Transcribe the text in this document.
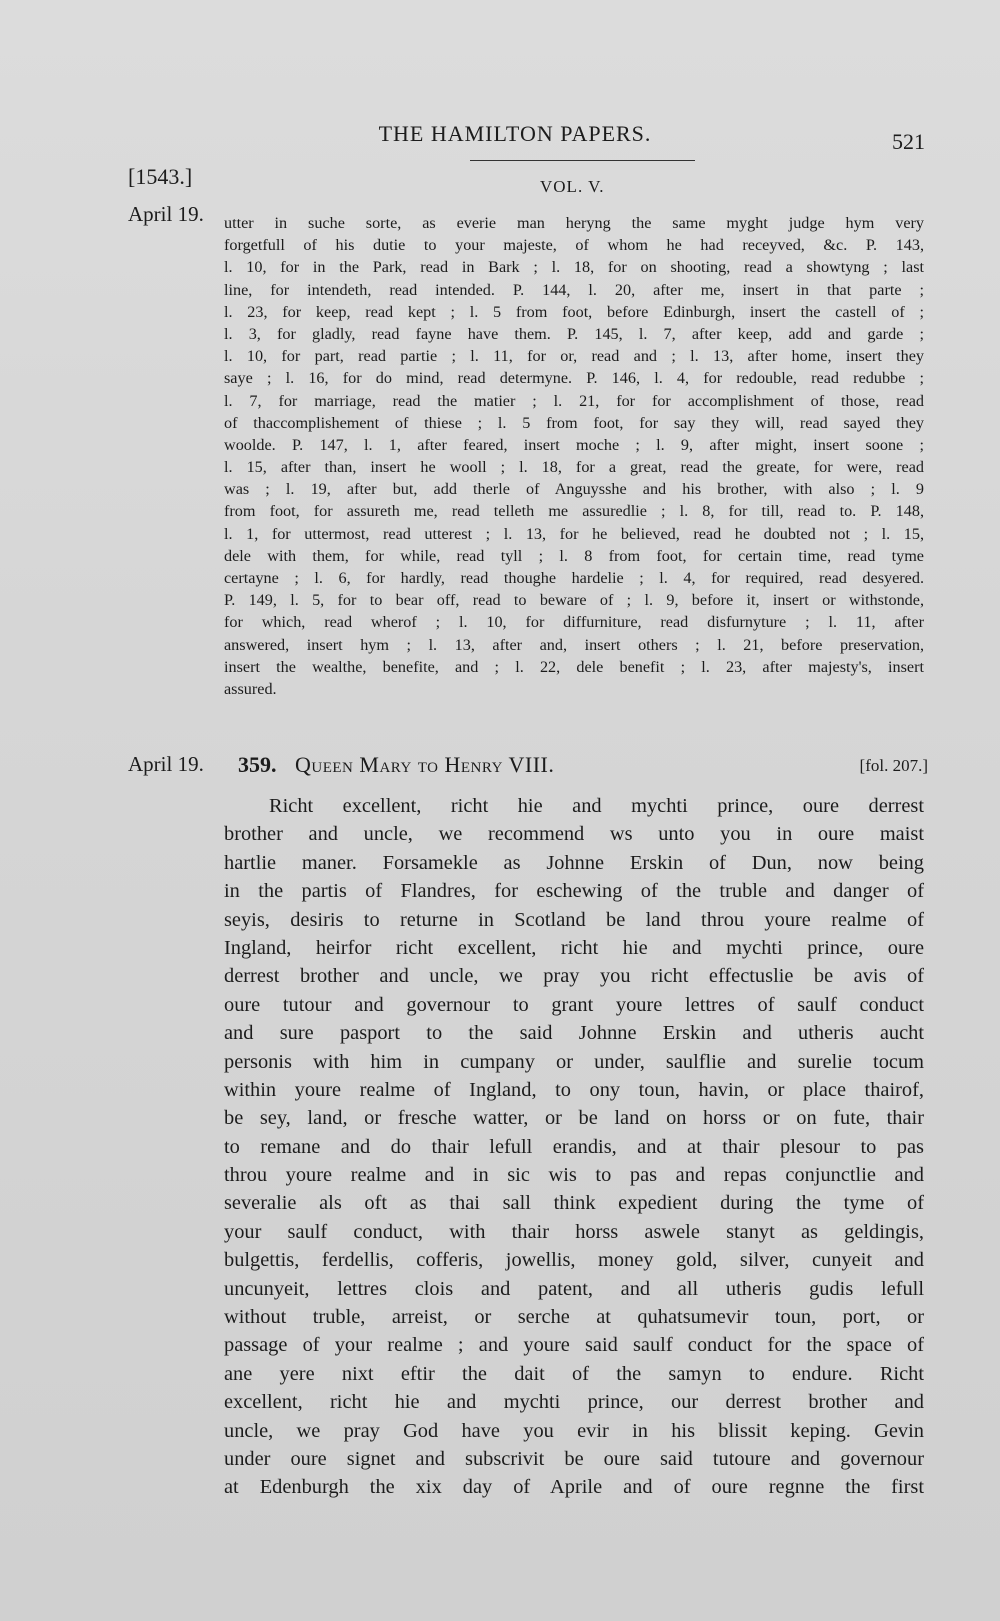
THE HAMILTON PAPERS.	521
[1543.]	VOL. V.
April 19. utter in suche sorte, as everie man heryng the same myght judge hym very
forgetfull of his dutie to your majeste, of whom he had receyved, &c. P. 143,
l. 10, for in the Park, read in Bark ; l. 18, for on shooting, read a showtyng ; last
line, for intendeth, read intended. P. 144, l. 20, after me, insert in that parte ;
l. 23, for keep, read kept ; l. 5 from foot, before Edinburgh, insert the castell of ;
l. 3, for gladly, read fayne have them. P. 145, l. 7, after keep, add and garde ;
l. 10, for part, read partie ; l. 11, for or, read and ; l. 13, after home, insert they
saye ; l. 16, for do mind, read determyne. P. 146, l. 4, for redouble, read redubbe ;
l. 7, for marriage, read the matier ; l. 21, for for accomplishment of those, read
of thaccomplishement of thiese ; l. 5 from foot, for say they will, read sayed they
woolde. P. 147, l. 1, after feared, insert moche ; l. 9, after might, insert soone ;
l. 15, after than, insert he wooll ; l. 18, for a great, read the greate, for were, read
was ; l. 19, after but, add therle of Anguysshe and his brother, with also ; l. 9
from foot, for assureth me, read telleth me assuredlie ; l. 8, for till, read to. P. 148,
l. 1, for uttermost, read utterest ; l. 13, for he believed, read he doubted not ; l. 15,
dele with them, for while, read tyll ; l. 8 from foot, for certain time, read tyme
certayne ; l. 6, for hardly, read thoughe hardelie ; l. 4, for required, read desyered.
P. 149, l. 5, for to bear off, read to beware of ; l. 9, before it, insert or withstonde,
for which, read wherof ; l. 10, for diffurniture, read disfurnyture ; l. 11, after
answered, insert hym ; l. 13, after and, insert others ; l. 21, before preservation,
insert the wealthe, benefite, and ; l. 22, dele benefit ; l. 23, after majesty's, insert
assured.
April 19. 359. Queen Mary to Henry VIII.	[fol. 207.]
Richt excellent, richt hie and mychti prince, oure derrest
brother and uncle, we recommend ws unto you in oure maist
hartlie maner. Forsamekle as Johnne Erskin of Dun, now being
in the partis of Flandres, for eschewing of the truble and danger of
seyis, desiris to returne in Scotland be land throu youre realme of
Ingland, heirfor richt excellent, richt hie and mychti prince, oure
derrest brother and uncle, we pray you richt effectuslie be avis of
oure tutour and governour to grant youre lettres of saulf conduct
and sure pasport to the said Johnne Erskin and utheris aucht
personis with him in cumpany or under, saulflie and surelie tocum
within youre realme of Ingland, to ony toun, havin, or place thairof,
be sey, land, or fresche watter, or be land on horss or on fute, thair
to remane and do thair lefull erandis, and at thair plesour to pas
throu youre realme and in sic wis to pas and repas conjunctlie and
severalie als oft as thai sall think expedient during the tyme of
your saulf conduct, with thair horss aswele stanyt as geldingis,
bulgettis, ferdellis, cofferis, jowellis, money gold, silver, cunyeit and
uncunyeit, lettres clois and patent, and all utheris gudis lefull
without truble, arreist, or serche at quhatsumevir toun, port, or
passage of your realme ; and youre said saulf conduct for the space of
ane yere nixt eftir the dait of the samyn to endure. Richt
excellent, richt hie and mychti prince, our derrest brother and
uncle, we pray God have you evir in his blissit keping. Gevin
under oure signet and subscrivit be oure said tutoure and governour
at Edenburgh the xix day of Aprile and of oure regnne the first
